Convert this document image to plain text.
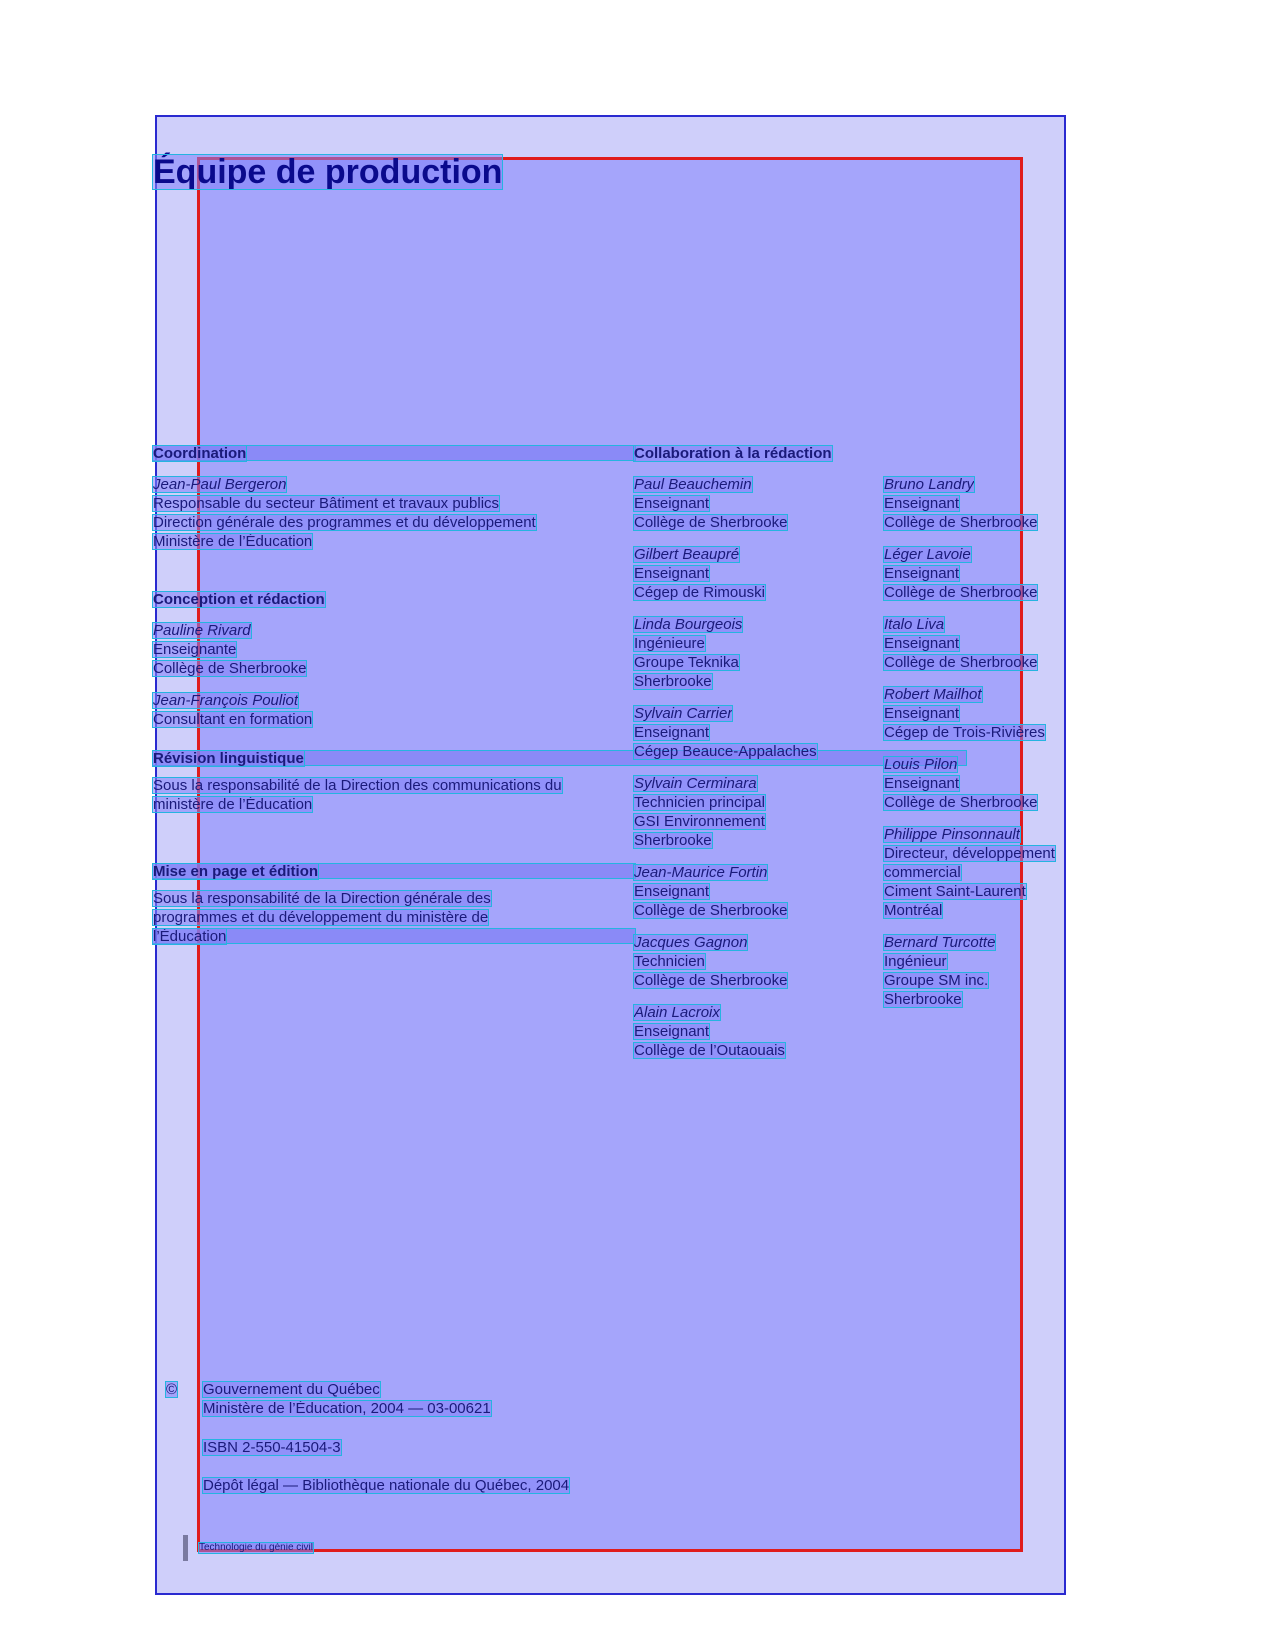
Équipe de production
Coordination
Jean-Paul Bergeron
Responsable du secteur Bâtiment et travaux publics
Direction générale des programmes et du développement
Ministère de l’Éducation
Conception et rédaction
Pauline Rivard
Enseignante
Collège de Sherbrooke
Jean-François Pouliot
Consultant en formation
Révision linguistique
Sous la responsabilité de la Direction des communications du
ministère de l’Éducation
Mise en page et édition
Sous la responsabilité de la Direction générale des
programmes et du développement du ministère de
l’Éducation
Collaboration à la rédaction
Paul Beauchemin
Enseignant
Collège de Sherbrooke
Gilbert Beaupré
Enseignant
Cégep de Rimouski
Linda Bourgeois
Ingénieure
Groupe Teknika
Sherbrooke
Sylvain Carrier
Enseignant
Cégep Beauce-Appalaches
Sylvain Cerminara
Technicien principal
GSI Environnement
Sherbrooke
Jean-Maurice Fortin
Enseignant
Collège de Sherbrooke
Jacques Gagnon
Technicien
Collège de Sherbrooke
Alain Lacroix
Enseignant
Collège de l’Outaouais
Bruno Landry
Enseignant
Collège de Sherbrooke
Léger Lavoie
Enseignant
Collège de Sherbrooke
Italo Liva
Enseignant
Collège de Sherbrooke
Robert Mailhot
Enseignant
Cégep de Trois-Rivières
Louis Pilon
Enseignant
Collège de Sherbrooke
Philippe Pinsonnault
Directeur, développement
commercial
Ciment Saint-Laurent
Montréal
Bernard Turcotte
Ingénieur
Groupe SM inc.
Sherbrooke
© Gouvernement du Québec
Ministère de l’Éducation, 2004 — 03-00621
ISBN 2-550-41504-3
Dépôt légal — Bibliothèque nationale du Québec, 2004
Technologie du génie civil
